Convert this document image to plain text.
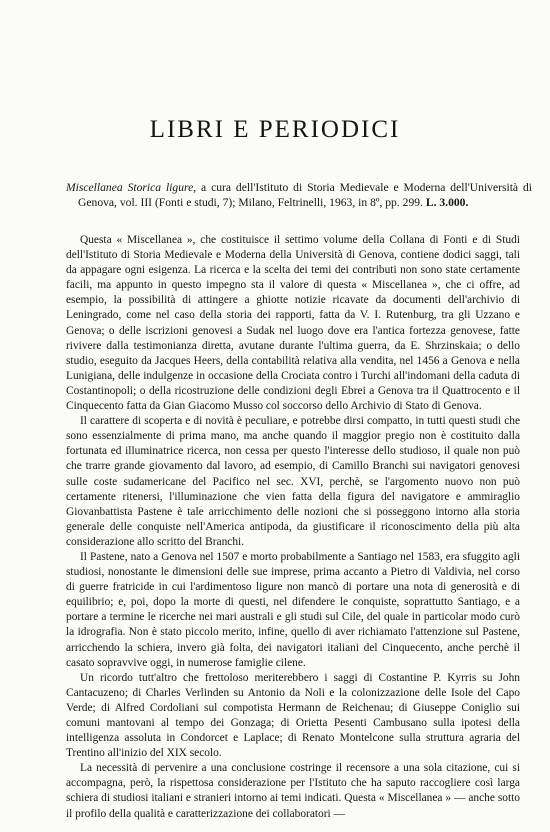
LIBRI E PERIODICI

Miscellanea Storica ligure, a cura dell'Istituto di Storia Medievale e Moderna dell'Università di Genova, vol. III (Fonti e studi, 7); Milano, Feltrinelli, 1963, in 8º, pp. 299. L. 3.000.

Questa « Miscellanea », che costituisce il settimo volume della Collana di Fonti e di Studi dell'Istituto di Storia Medievale e Moderna della Università di Genova, contiene dodici saggi, tali da appagare ogni esigenza. La ricerca e la scelta dei temi dei contributi non sono state certamente facili, ma appunto in questo impegno sta il valore di questa « Miscellanea », che ci offre, ad esempio, la possibilità di attingere a ghiotte notizie ricavate da documenti dell'archivio di Leningrado, come nel caso della storia dei rapporti, fatta da V. I. Rutenburg, tra gli Uzzano e Genova; o delle iscrizioni genovesi a Sudak nel luogo dove era l'antica fortezza genovese, fatte rivivere dalla testimonianza diretta, avutane durante l'ultima guerra, da E. Shrzinskaia; o dello studio, eseguito da Jacques Heers, della contabilità relativa alla vendita, nel 1456 a Genova e nella Lunigiana, delle indulgenze in occasione della Crociata contro i Turchi all'indomani della caduta di Costantinopoli; o della ricostruzione delle condizioni degli Ebrei a Genova tra il Quattrocento e il Cinquecento fatta da Gian Giacomo Musso col soccorso dello Archivio di Stato di Genova.

Il carattere di scoperta e di novità è peculiare, e potrebbe dirsi compatto, in tutti questi studi che sono essenzialmente di prima mano, ma anche quando il maggior pregio non è costituito dalla fortunata ed illuminatrice ricerca, non cessa per questo l'interesse dello studioso, il quale non può che trarre grande giovamento dal lavoro, ad esempio, di Camillo Branchi sui navigatori genovesi sulle coste sudamericane del Pacifico nel sec. XVI, perchè, se l'argomento nuovo non può certamente ritenersi, l'illuminazione che vien fatta della figura del navigatore e ammiraglio Giovanbattista Pastene è tale arricchimento delle nozioni che si posseggono intorno alla storia generale delle conquiste nell'America antipoda, da giustificare il riconoscimento della più alta considerazione allo scritto del Branchi.

Il Pastene, nato a Genova nel 1507 e morto probabilmente a Santiago nel 1583, era sfuggito agli studiosi, nonostante le dimensioni delle sue imprese, prima accanto a Pietro di Valdivia, nel corso di guerre fratricide in cui l'ardimentoso ligure non mancò di portare una nota di generosità e di equilibrio; e, poi, dopo la morte di questi, nel difendere le conquiste, soprattutto Santiago, e a portare a termine le ricerche nei mari australi e gli studi sul Cile, del quale in particolar modo curò la idrografia. Non è stato piccolo merito, infine, quello di aver richiamato l'attenzione sul Pastene, arricchendo la schiera, invero già folta, dei navigatori italiani del Cinquecento, anche perchè il casato sopravvive oggi, in numerose famiglie cilene.

Un ricordo tutt'altro che frettoloso meriterebbero i saggi di Costantine P. Kyrris su John Cantacuzeno; di Charles Verlinden su Antonio da Noli e la colonizzazione delle Isole del Capo Verde; di Alfred Cordoliani sul compotista Hermann de Reichenau; di Giuseppe Coniglio sui comuni mantovani al tempo dei Gonzaga; di Orietta Pesenti Cambusano sulla ipotesi della intelligenza assoluta in Condorcet e Laplace; di Renato Montelcone sulla struttura agraria del Trentino all'inizio del XIX secolo.

La necessità di pervenire a una conclusione costringe il recensore a una sola citazione, cui si accompagna, però, la rispettosa considerazione per l'Istituto che ha saputo raccogliere così larga schiera di studiosi italiani e stranieri intorno ai temi indicati. Questa « Miscellanea » — anche sotto il profilo della qualità e caratterizzazione dei collaboratori —
